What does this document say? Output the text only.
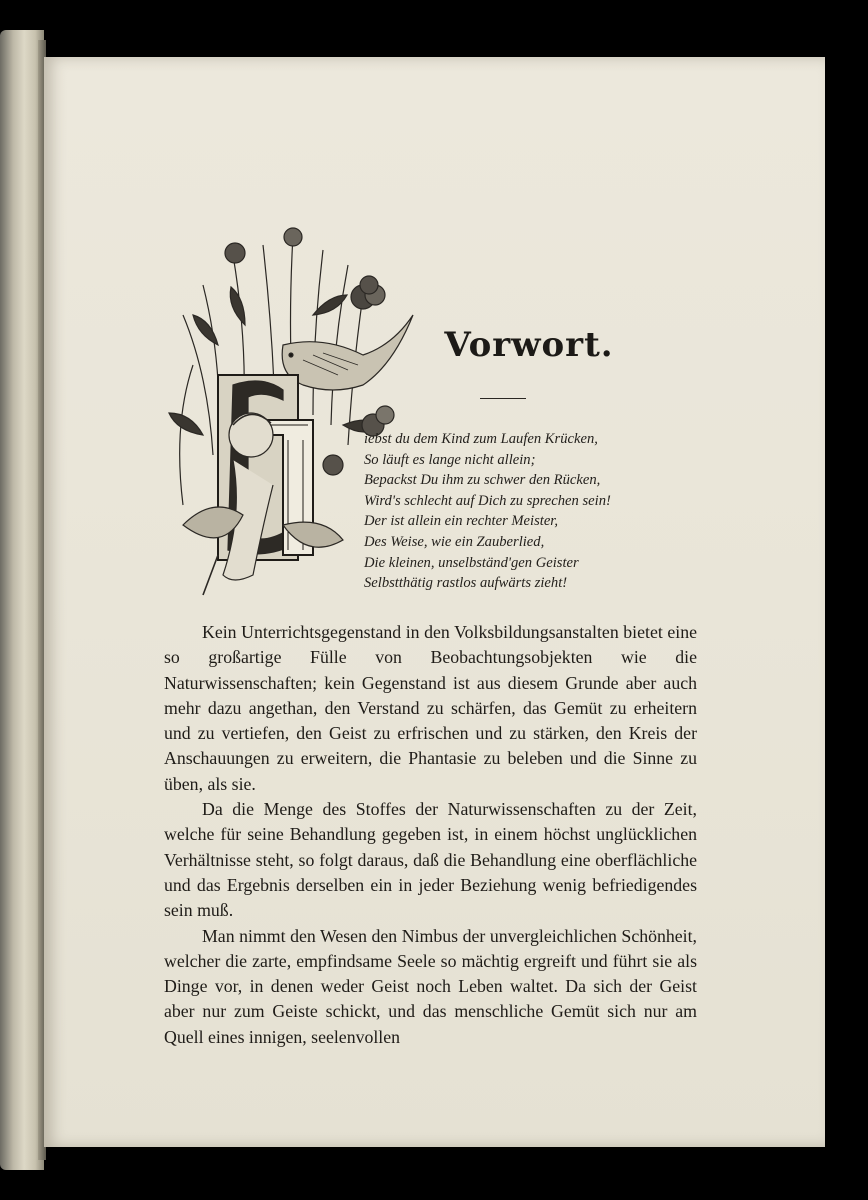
Vorwort.
iebst du dem Kind zum Laufen Krücken,
So läuft es lange nicht allein;
Bepackst Du ihm zu schwer den Rücken,
Wird's schlecht auf Dich zu sprechen sein!
Der ist allein ein rechter Meister,
Des Weise, wie ein Zauberlied,
Die kleinen, unselbständ'gen Geister
Selbstthätig rastlos aufwärts zieht!

Kein Unterrichtsgegenstand in den Volksbildungsanstalten bietet eine so großartige Fülle von Beobachtungsobjekten wie die Naturwissenschaften; kein Gegenstand ist aus diesem Grunde aber auch mehr dazu angethan, den Verstand zu schärfen, das Gemüt zu erheitern und zu vertiefen, den Geist zu erfrischen und zu stärken, den Kreis der Anschauungen zu erweitern, die Phantasie zu beleben und die Sinne zu üben, als sie.

Da die Menge des Stoffes der Naturwissenschaften zu der Zeit, welche für seine Behandlung gegeben ist, in einem höchst unglücklichen Verhältnisse steht, so folgt daraus, daß die Behandlung eine oberflächliche und das Ergebnis derselben ein in jeder Beziehung wenig befriedigendes sein muß.

Man nimmt den Wesen den Nimbus der unvergleichlichen Schönheit, welcher die zarte, empfindsame Seele so mächtig ergreift und führt sie als Dinge vor, in denen weder Geist noch Leben waltet. Da sich der Geist aber nur zum Geiste schickt, und das menschliche Gemüt sich nur am Quell eines innigen, seelenvollen
